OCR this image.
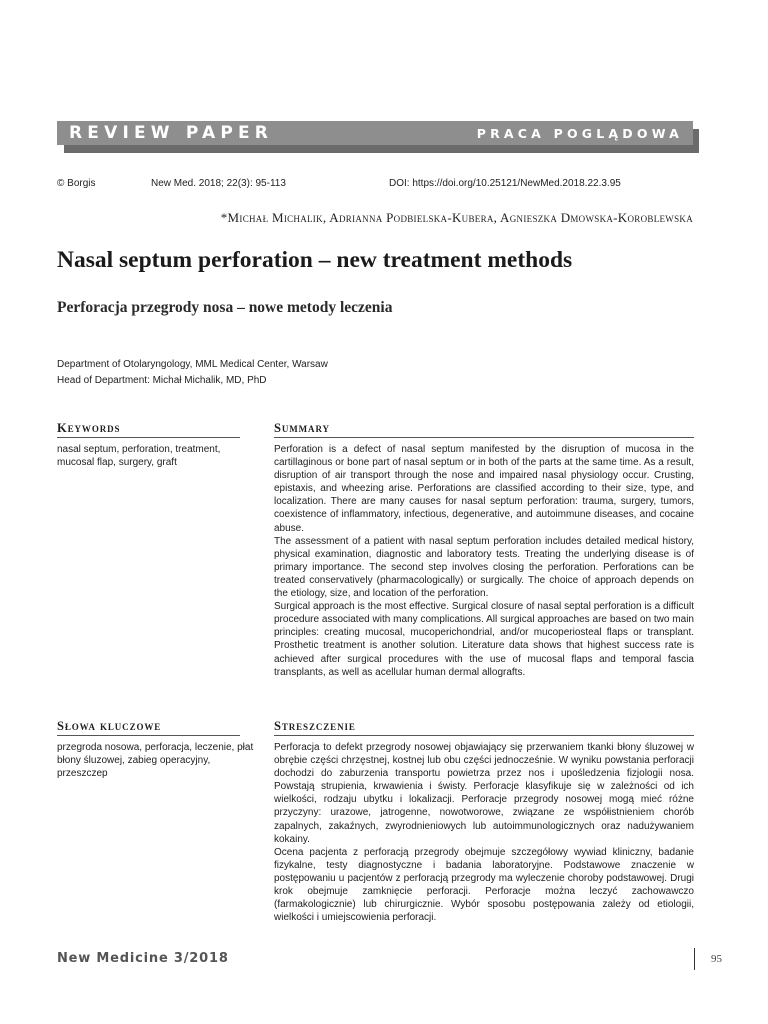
REVIEW PAPER	PRACA POGLĄDOWA
© Borgis	New Med. 2018; 22(3): 95-113	DOI: https://doi.org/10.25121/NewMed.2018.22.3.95
*Michał Michalik, Adrianna Podbielska-Kubera, Agnieszka Dmowska-Koroblewska
Nasal septum perforation – new treatment methods
Perforacja przegrody nosa – nowe metody leczenia
Department of Otolaryngology, MML Medical Center, Warsaw
Head of Department: Michał Michalik, MD, PhD
Keywords
nasal septum, perforation, treatment, mucosal flap, surgery, graft
Summary

Perforation is a defect of nasal septum manifested by the disruption of mucosa in the cartillaginous or bone part of nasal septum or in both of the parts at the same time. As a result, disruption of air transport through the nose and impaired nasal physiology occur. Crusting, epistaxis, and wheezing arise. Perforations are classified according to their size, type, and localization. There are many causes for nasal septum perforation: trauma, surgery, tumors, coexistence of inflammatory, infectious, degenerative, and autoimmune diseases, and cocaine abuse.

The assessment of a patient with nasal septum perforation includes detailed medical history, physical examination, diagnostic and laboratory tests. Treating the underlying disease is of primary importance. The second step involves closing the perforation. Perforations can be treated conservatively (pharmacologically) or surgically. The choice of approach depends on the etiology, size, and location of the perforation.

Surgical approach is the most effective. Surgical closure of nasal septal perforation is a difficult procedure associated with many complications. All surgical approaches are based on two main principles: creating mucosal, mucoperichondrial, and/or mucoperiosteal flaps or transplant. Prosthetic treatment is another solution. Literature data shows that highest success rate is achieved after surgical procedures with the use of mucosal flaps and temporal fascia transplants, as well as acellular human dermal allografts.

Słowa kluczowe
przegroda nosowa, perforacja, leczenie, płat błony śluzowej, zabieg operacyjny, przeszczep
Streszczenie

Perforacja to defekt przegrody nosowej objawiający się przerwaniem tkanki błony śluzowej w obrębie części chrzęstnej, kostnej lub obu części jednocześnie. W wyniku powstania perforacji dochodzi do zaburzenia transportu powietrza przez nos i upośledzenia fizjologii nosa. Powstają strupienia, krwawienia i świsty. Perforacje klasyfikuje się w zależności od ich wielkości, rodzaju ubytku i lokalizacji. Perforacje przegrody nosowej mogą mieć różne przyczyny: urazowe, jatrogenne, nowotworowe, związane ze współistnieniem chorób zapalnych, zakaźnych, zwyrodnieniowych lub autoimmunologicznych oraz nadużywaniem kokainy.

Ocena pacjenta z perforacją przegrody obejmuje szczegółowy wywiad kliniczny, badanie fizykalne, testy diagnostyczne i badania laboratoryjne. Podstawowe znaczenie w postępowaniu u pacjentów z perforacją przegrody ma wyleczenie choroby podstawowej. Drugi krok obejmuje zamknięcie perforacji. Perforacje można leczyć zachowawczo (farmakologicznie) lub chirurgicznie. Wybór sposobu postępowania zależy od etiologii, wielkości i umiejscowienia perforacji.

New Medicine 3/2018	95
